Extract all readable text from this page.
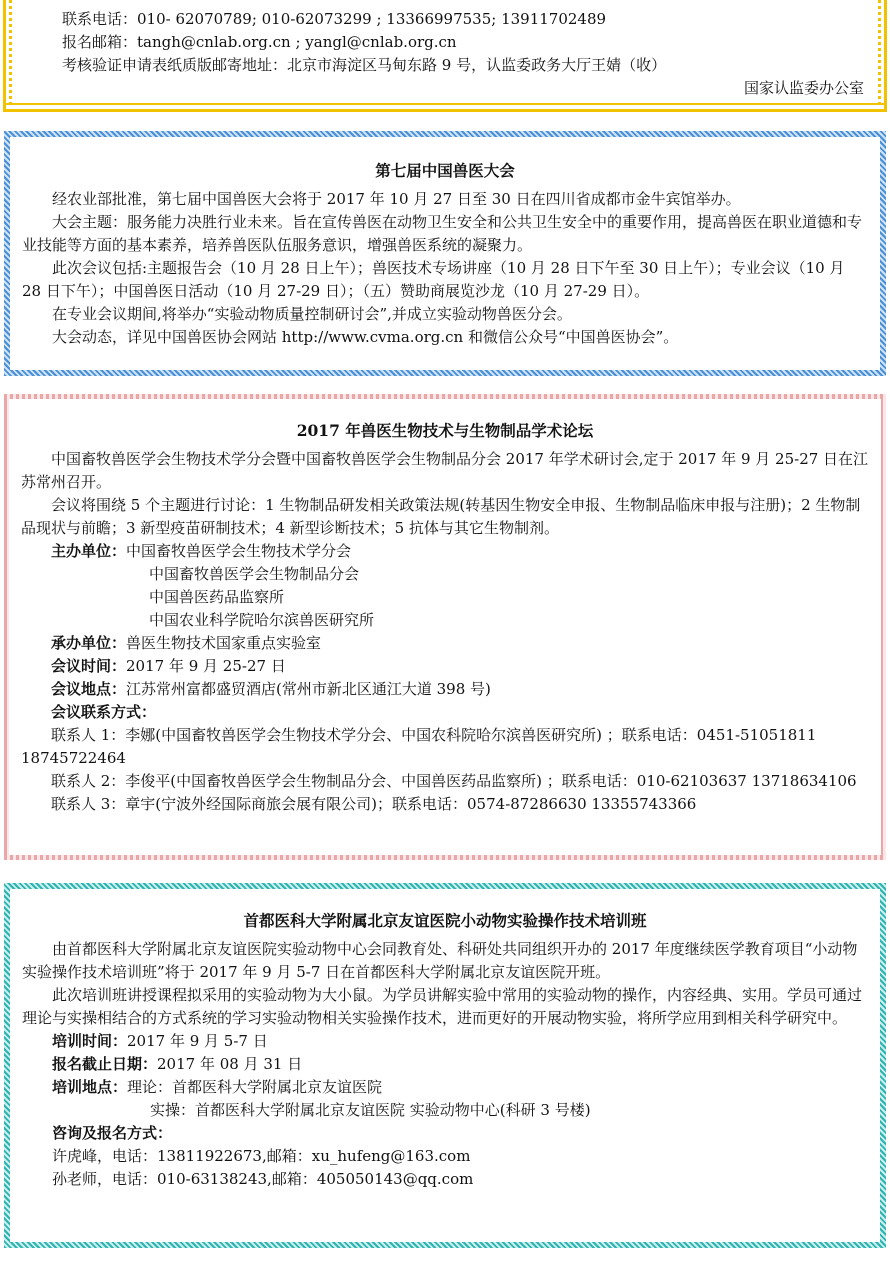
联系电话：010- 62070789; 010-62073299 ; 13366997535; 13911702489

报名邮箱：tangh@cnlab.org.cn ; yangl@cnlab.org.cn

考核验证申请表纸质版邮寄地址：北京市海淀区马甸东路 9 号，认监委政务大厅王婧（收）

国家认监委办公室

第七届中国兽医大会

经农业部批准，第七届中国兽医大会将于 2017 年 10 月 27 日至 30 日在四川省成都市金牛宾馆举办。

大会主题：服务能力决胜行业未来。旨在宣传兽医在动物卫生安全和公共卫生安全中的重要作用，提高兽医在职业道德和专业技能等方面的基本素养，培养兽医队伍服务意识，增强兽医系统的凝聚力。

此次会议包括:主题报告会（10 月 28 日上午）；兽医技术专场讲座（10 月 28 日下午至 30 日上午）；专业会议（10 月 28 日下午）；中国兽医日活动（10 月 27-29 日）；（五）赞助商展览沙龙（10 月 27-29 日）。

在专业会议期间,将举办“实验动物质量控制研讨会”,并成立实验动物兽医分会。

大会动态，详见中国兽医协会网站 http://www.cvma.org.cn 和微信公众号“中国兽医协会”。

2017 年兽医生物技术与生物制品学术论坛

中国畜牧兽医学会生物技术学分会暨中国畜牧兽医学会生物制品分会 2017 年学术研讨会,定于 2017 年 9 月 25-27 日在江苏常州召开。

会议将围绕 5 个主题进行讨论：1 生物制品研发相关政策法规(转基因生物安全申报、生物制品临床申报与注册)；2 生物制品现状与前瞻；3 新型疫苗研制技术；4 新型诊断技术；5 抗体与其它生物制剂。

主办单位：中国畜牧兽医学会生物技术学分会

中国畜牧兽医学会生物制品分会

中国兽医药品监察所

中国农业科学院哈尔滨兽医研究所

承办单位：兽医生物技术国家重点实验室

会议时间：2017 年 9 月 25-27 日

会议地点：江苏常州富都盛贸酒店(常州市新北区通江大道 398 号)

会议联系方式：

联系人 1：李娜(中国畜牧兽医学会生物技术学分会、中国农科院哈尔滨兽医研究所) ；联系电话：0451-51051811 18745722464

联系人 2：李俊平(中国畜牧兽医学会生物制品分会、中国兽医药品监察所) ；联系电话：010-62103637 13718634106

联系人 3：章宇(宁波外经国际商旅会展有限公司)；联系电话：0574-87286630 13355743366

首都医科大学附属北京友谊医院小动物实验操作技术培训班

由首都医科大学附属北京友谊医院实验动物中心会同教育处、科研处共同组织开办的 2017 年度继续医学教育项目“小动物实验操作技术培训班”将于 2017 年 9 月 5-7 日在首都医科大学附属北京友谊医院开班。

此次培训班讲授课程拟采用的实验动物为大小鼠。为学员讲解实验中常用的实验动物的操作，内容经典、实用。学员可通过理论与实操相结合的方式系统的学习实验动物相关实验操作技术，进而更好的开展动物实验，将所学应用到相关科学研究中。

培训时间：2017 年 9 月 5-7 日

报名截止日期：2017 年 08 月 31 日

培训地点：理论：首都医科大学附属北京友谊医院

实操：首都医科大学附属北京友谊医院 实验动物中心(科研 3 号楼)

咨询及报名方式：

许虎峰，电话：13811922673,邮箱：xu_hufeng@163.com

孙老师，电话：010-63138243,邮箱：405050143@qq.com
